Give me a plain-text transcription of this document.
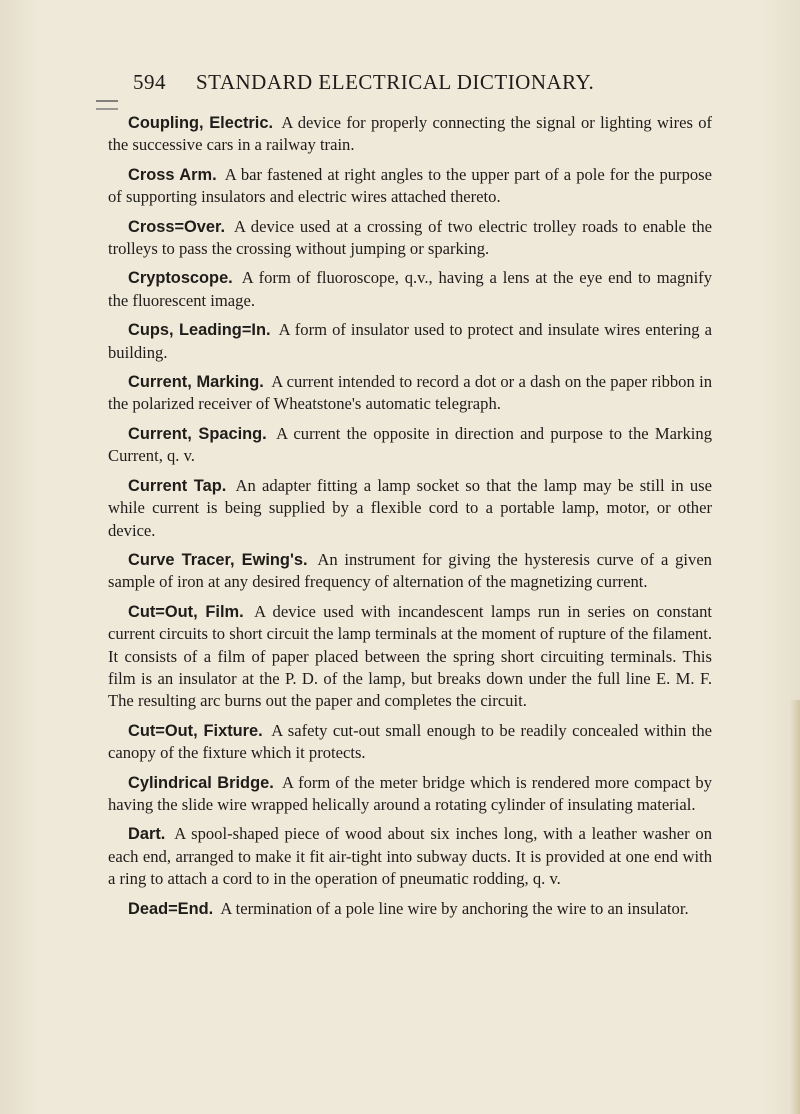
594 STANDARD ELECTRICAL DICTIONARY.

Coupling, Electric. A device for properly connecting the signal or lighting wires of the successive cars in a railway train.

Cross Arm. A bar fastened at right angles to the upper part of a pole for the purpose of supporting insulators and electric wires attached thereto.

Cross=Over. A device used at a crossing of two electric trolley roads to enable the trolleys to pass the crossing without jumping or sparking.

Cryptoscope. A form of fluoroscope, q.v., having a lens at the eye end to magnify the fluorescent image.

Cups, Leading=In. A form of insulator used to protect and insulate wires entering a building.

Current, Marking. A current intended to record a dot or a dash on the paper ribbon in the polarized receiver of Wheatstone's automatic telegraph.

Current, Spacing. A current the opposite in direction and purpose to the Marking Current, q. v.

Current Tap. An adapter fitting a lamp socket so that the lamp may be still in use while current is being supplied by a flexible cord to a portable lamp, motor, or other device.

Curve Tracer, Ewing's. An instrument for giving the hysteresis curve of a given sample of iron at any desired frequency of alternation of the magnetizing current.

Cut=Out, Film. A device used with incandescent lamps run in series on constant current circuits to short circuit the lamp terminals at the moment of rupture of the filament. It consists of a film of paper placed between the spring short circuiting terminals. This film is an insulator at the P. D. of the lamp, but breaks down under the full line E. M. F. The resulting arc burns out the paper and completes the circuit.

Cut=Out, Fixture. A safety cut-out small enough to be readily concealed within the canopy of the fixture which it protects.

Cylindrical Bridge. A form of the meter bridge which is rendered more compact by having the slide wire wrapped helically around a rotating cylinder of insulating material.

Dart. A spool-shaped piece of wood about six inches long, with a leather washer on each end, arranged to make it fit air-tight into subway ducts. It is provided at one end with a ring to attach a cord to in the operation of pneumatic rodding, q. v.

Dead=End. A termination of a pole line wire by anchoring the wire to an insulator.
